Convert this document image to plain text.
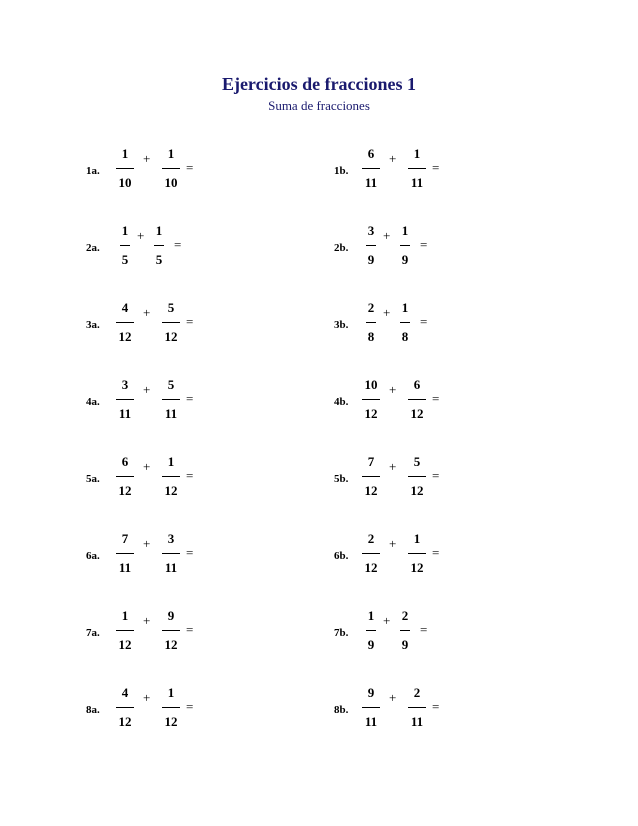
Ejercicios de fracciones 1
Suma de fracciones
1a.
1
10
+	1
10
=
2a.
1
5
+ 1
5
=
3a.
4
12
+	5
12
=
4a.
3
11
+	5
11
=
5a.
6
12
+	1
12
=
6a.
7
11
+	3
11
=
7a.
1
12
+	9
12
=
8a.
4
12
+	1
12
=
1b.
6
11
+	1
11
=
2b.
3
9
+ 1
9
=
3b.
2
8
+ 1
8
=
4b.
10
12
+	6
12
=
5b.
7
12
+	5
12
=
6b.
2
12
+	1
12
=
7b.
1
9
+ 2
9
=
8b.
9
11
+	2
11
=
